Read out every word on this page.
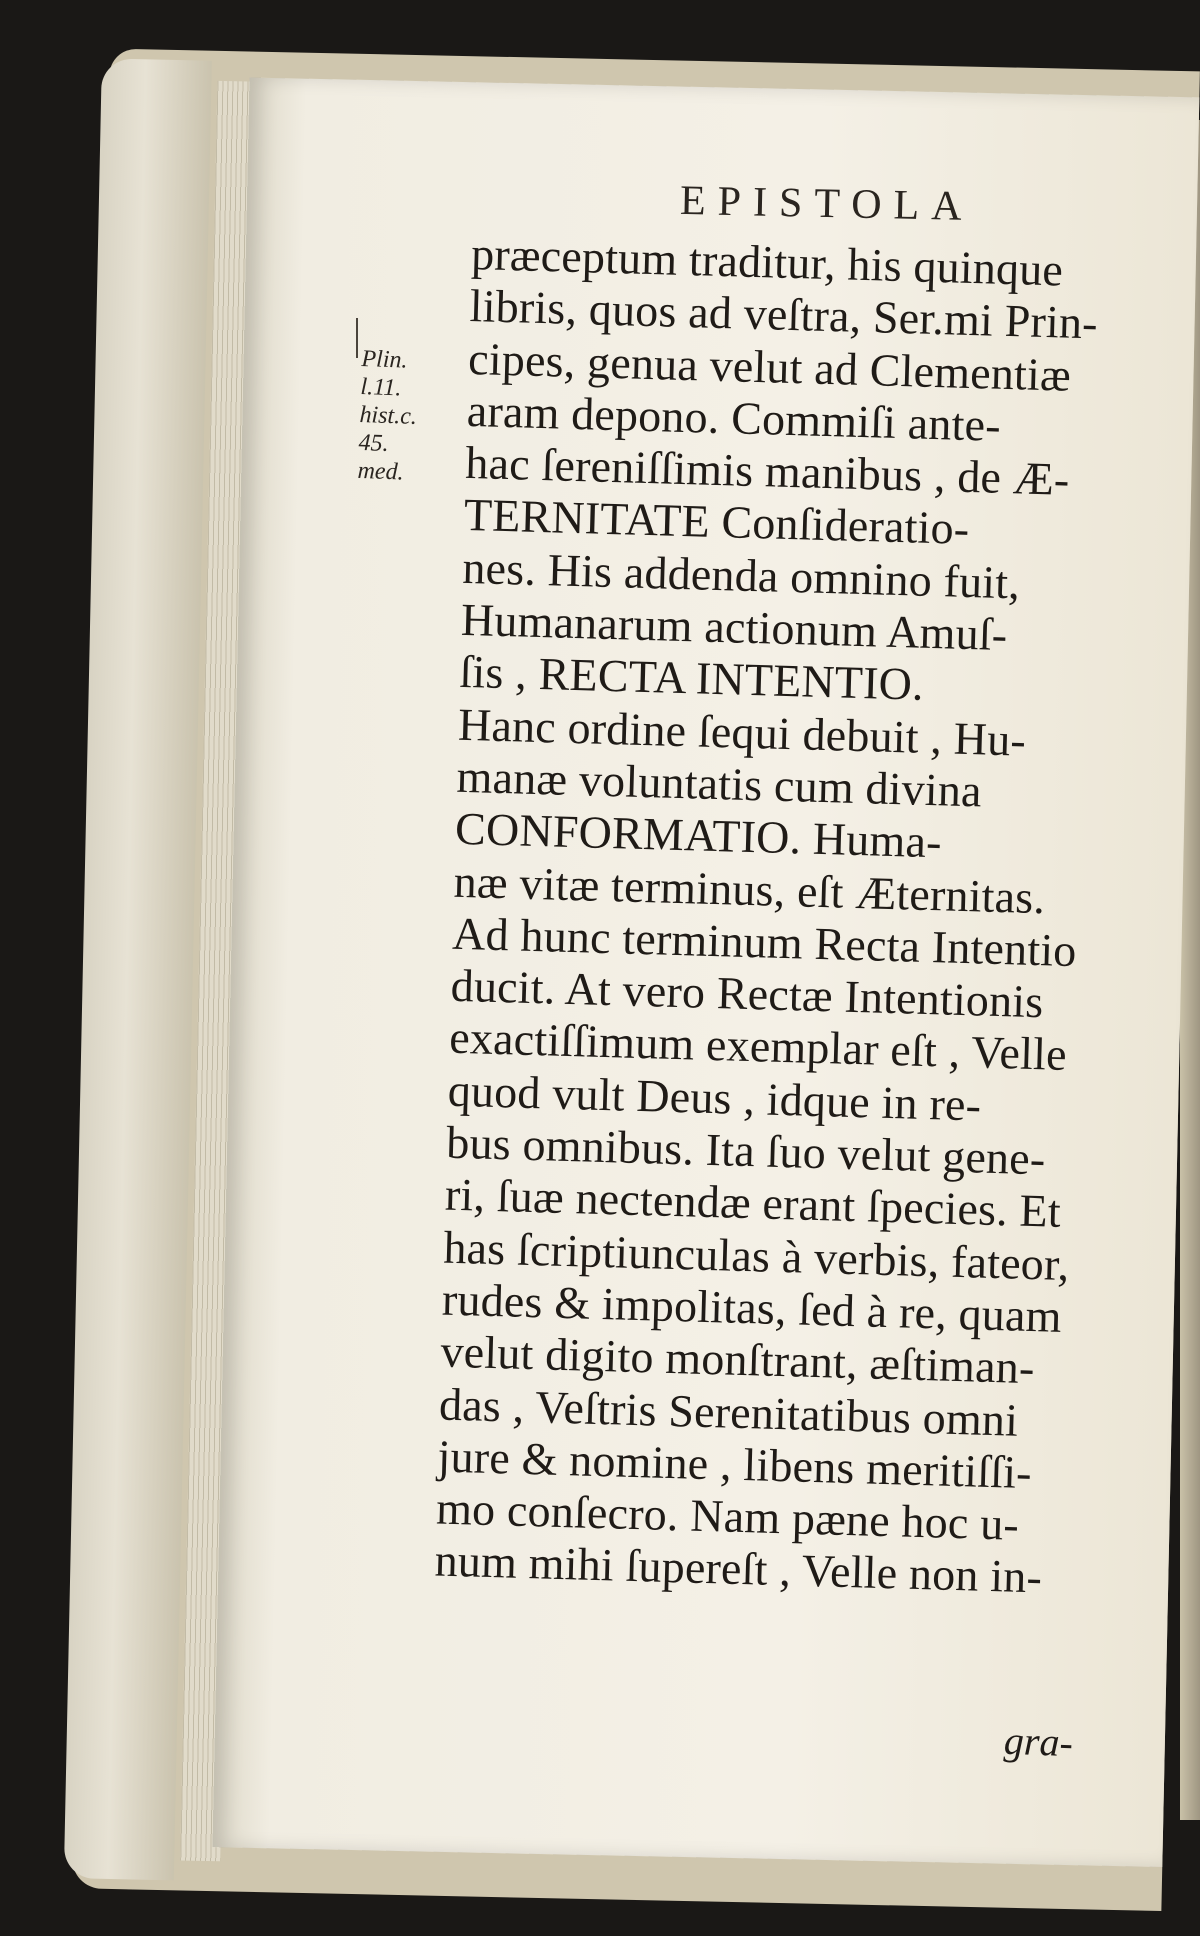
EPISTOLA
Plin.
l.11.
hist.c.
45.
med.
præceptum traditur, his quinque
libris, quos ad veſtra, Ser.mi Prin-
cipes, genua velut ad Clementiæ
aram depono. Commiſi ante-
hac ſereniſſimis manibus , de Æ-
TERNITATE Conſideratio-
nes. His addenda omnino fuit,
Humanarum actionum Amuſ-
ſis , RECTA INTENTIO.
Hanc ordine ſequi debuit , Hu-
manæ voluntatis cum divina
CONFORMATIO. Huma-
næ vitæ terminus, eſt Æternitas.
Ad hunc terminum Recta Intentio
ducit. At vero Rectæ Intentionis
exactiſſimum exemplar eſt , Velle
quod vult Deus , idque in re-
bus omnibus. Ita ſuo velut gene-
ri, ſuæ nectendæ erant ſpecies. Et
has ſcriptiunculas à verbis, fateor,
rudes & impolitas, ſed à re, quam
velut digito monſtrant, æſtiman-
das , Veſtris Serenitatibus omni
jure & nomine , libens meritiſſi-
mo conſecro. Nam pæne hoc u-
num mihi ſupereſt , Velle non in-
gra-
